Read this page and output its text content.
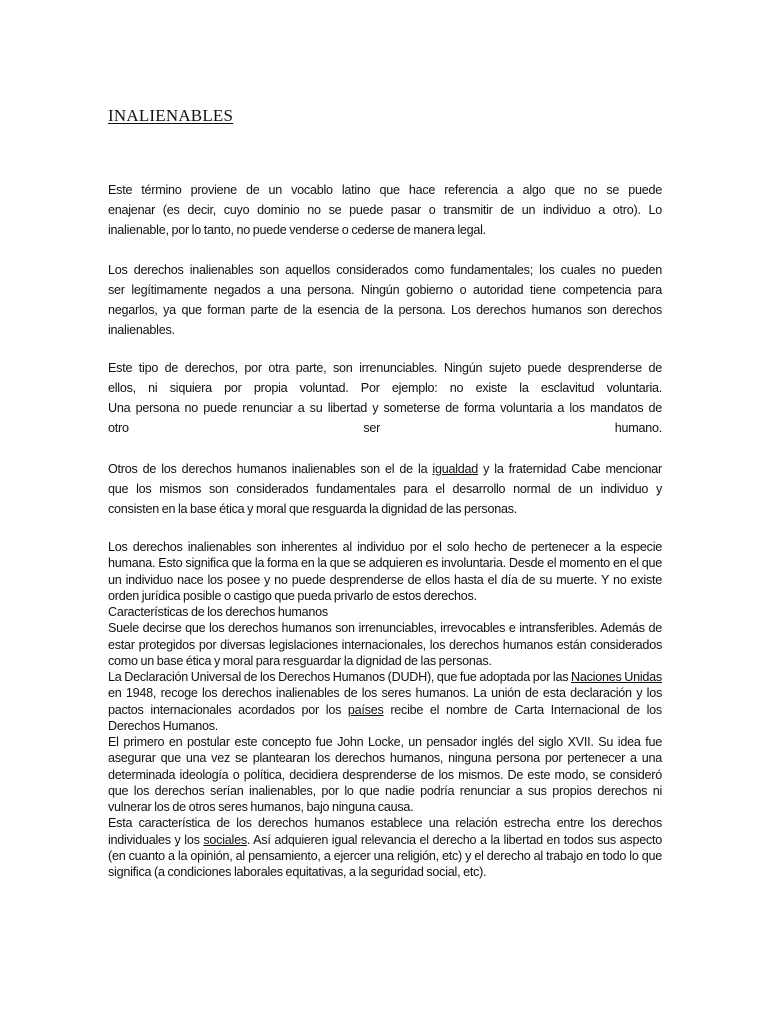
INALIENABLES

Este término proviene de un vocablo latino que hace referencia a algo que no se puede

enajenar (es decir, cuyo dominio no se puede pasar o transmitir de un individuo a otro). Lo

inalienable, por lo tanto, no puede venderse o cederse de manera legal.

Los derechos inalienables son aquellos considerados como fundamentales; los cuales no pueden

ser legítimamente negados a una persona. Ningún gobierno o autoridad tiene competencia para

negarlos, ya que forman parte de la esencia de la persona. Los derechos humanos son derechos

inalienables.

Este tipo de derechos, por otra parte, son irrenunciables. Ningún sujeto puede desprenderse de

ellos, ni siquiera por propia voluntad. Por ejemplo: no existe la esclavitud voluntaria.

Una persona no puede renunciar a su libertad y someterse de forma voluntaria a los mandatos de

otro ser humano.

Otros de los derechos humanos inalienables son el de la igualdad y la fraternidad Cabe mencionar

que los mismos son considerados fundamentales para el desarrollo normal de un individuo y

consisten en la base ética y moral que resguarda la dignidad de las personas.

Los derechos inalienables son inherentes al individuo por el solo hecho de pertenecer a la especie humana. Esto significa que la forma en la que se adquieren es involuntaria. Desde el momento en el que un individuo nace los posee y no puede desprenderse de ellos hasta el día de su muerte. Y no existe orden jurídica posible o castigo que pueda privarlo de estos derechos.

Características de los derechos humanos

Suele decirse que los derechos humanos son irrenunciables, irrevocables e intransferibles. Además de estar protegidos por diversas legislaciones internacionales, los derechos humanos están considerados como un base ética y moral para resguardar la dignidad de las personas.

La Declaración Universal de los Derechos Humanos (DUDH), que fue adoptada por las Naciones Unidas en 1948, recoge los derechos inalienables de los seres humanos. La unión de esta declaración y los pactos internacionales acordados por los países recibe el nombre de Carta Internacional de los Derechos Humanos.

El primero en postular este concepto fue John Locke, un pensador inglés del siglo XVII. Su idea fue asegurar que una vez se plantearan los derechos humanos, ninguna persona por pertenecer a una determinada ideología o política, decidiera desprenderse de los mismos. De este modo, se consideró que los derechos serían inalienables, por lo que nadie podría renunciar a sus propios derechos ni vulnerar los de otros seres humanos, bajo ninguna causa.

Esta característica de los derechos humanos establece una relación estrecha entre los derechos individuales y los sociales. Así adquieren igual relevancia el derecho a la libertad en todos sus aspecto (en cuanto a la opinión, al pensamiento, a ejercer una religión, etc) y el derecho al trabajo en todo lo que significa (a condiciones laborales equitativas, a la seguridad social, etc).
